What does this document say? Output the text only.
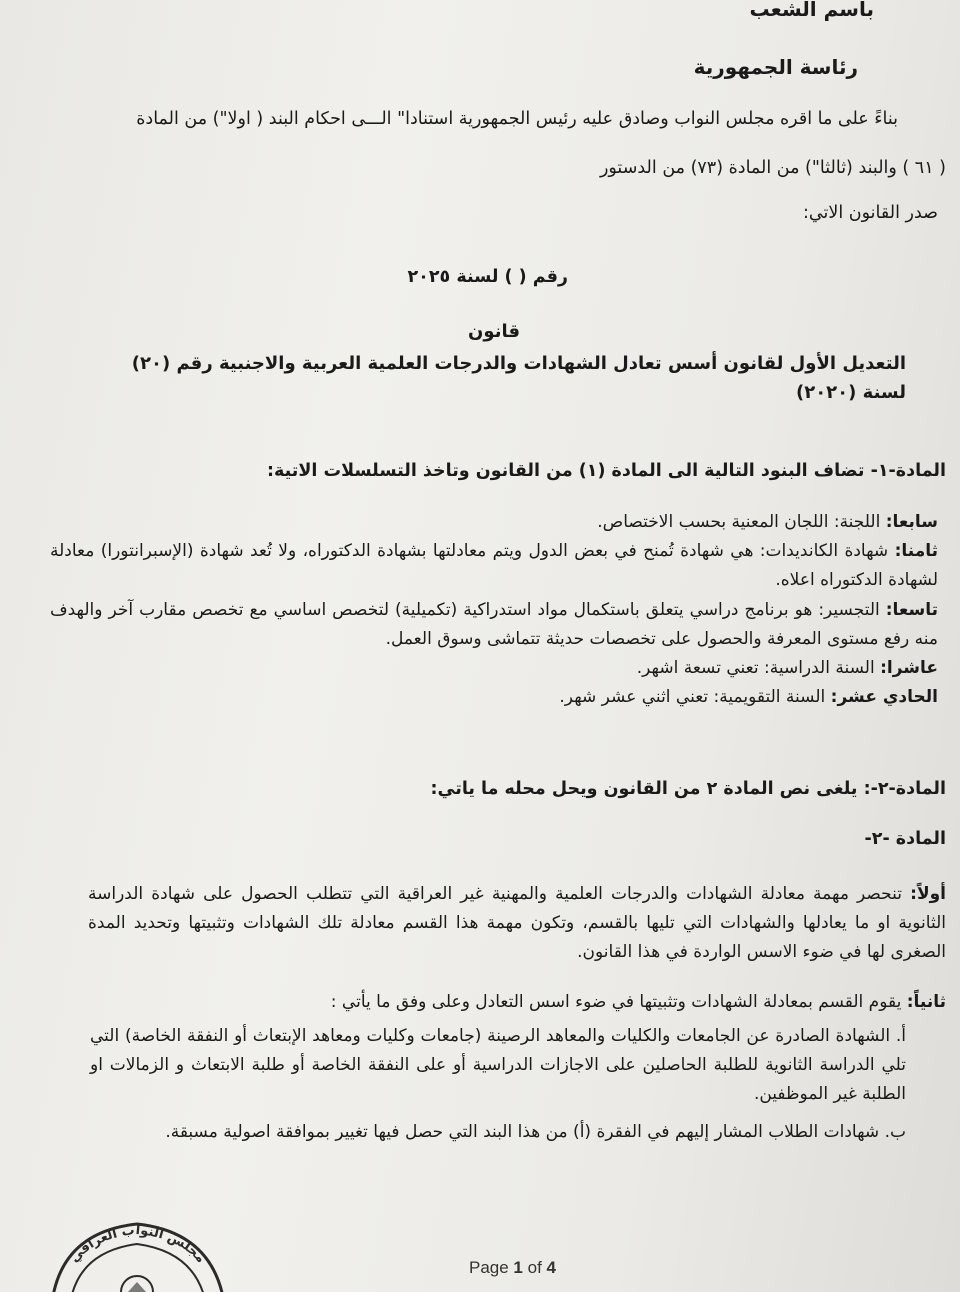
باسم الشعب
رئاسة الجمهورية
بناءً على ما اقره مجلس النواب وصادق عليه رئيس الجمهورية استنادا" الـــى احكام البند ( اولا") من المادة
( ٦١ ) والبند (ثالثا") من المادة (٧٣) من الدستور
صدر القانون الاتي:
رقم ( ) لسنة ٢٠٢٥
قانون

التعديل الأول لقانون أسس تعادل الشهادات والدرجات العلمية العربية والاجنبية رقم (٢٠) لسنة (٢٠٢٠)

المادة-١- تضاف البنود التالية الى المادة (١) من القانون وتاخذ التسلسلات الاتية:

سابعا: اللجنة: اللجان المعنية بحسب الاختصاص.

ثامنا: شهادة الكانديدات: هي شهادة تُمنح في بعض الدول ويتم معادلتها بشهادة الدكتوراه، ولا تُعد شهادة (الإسبرانتورا) معادلة لشهادة الدكتوراه اعلاه.

تاسعا: التجسير: هو برنامج دراسي يتعلق باستكمال مواد استدراكية (تكميلية) لتخصص اساسي مع تخصص مقارب آخر والهدف منه رفع مستوى المعرفة والحصول على تخصصات حديثة تتماشى وسوق العمل.

عاشرا: السنة الدراسية: تعني تسعة اشهر.

الحادي عشر: السنة التقويمية: تعني اثني عشر شهر.

المادة-٢-: يلغى نص المادة ٢ من القانون ويحل محله ما ياتي:
المادة -٢-

أولاً: تنحصر مهمة معادلة الشهادات والدرجات العلمية والمهنية غير العراقية التي تتطلب الحصول على شهادة الدراسة الثانوية او ما يعادلها والشهادات التي تليها بالقسم، وتكون مهمة هذا القسم معادلة تلك الشهادات وتثبيتها وتحديد المدة الصغرى لها في ضوء الاسس الواردة في هذا القانون.

ثانياً: يقوم القسم بمعادلة الشهادات وتثبيتها في ضوء اسس التعادل وعلى وفق ما يأتي :

أ. الشهادة الصادرة عن الجامعات والكليات والمعاهد الرصينة (جامعات وكليات ومعاهد الإبتعاث أو النفقة الخاصة) التي تلي الدراسة الثانوية للطلبة الحاصلين على الاجازات الدراسية أو على النفقة الخاصة أو طلبة الابتعاث و الزمالات او الطلبة غير الموظفين.

ب. شهادات الطلاب المشار إليهم في الفقرة (أ) من هذا البند التي حصل فيها تغيير بموافقة اصولية مسبقة.

مجلس النواب العراقي	Page 1 of 4
